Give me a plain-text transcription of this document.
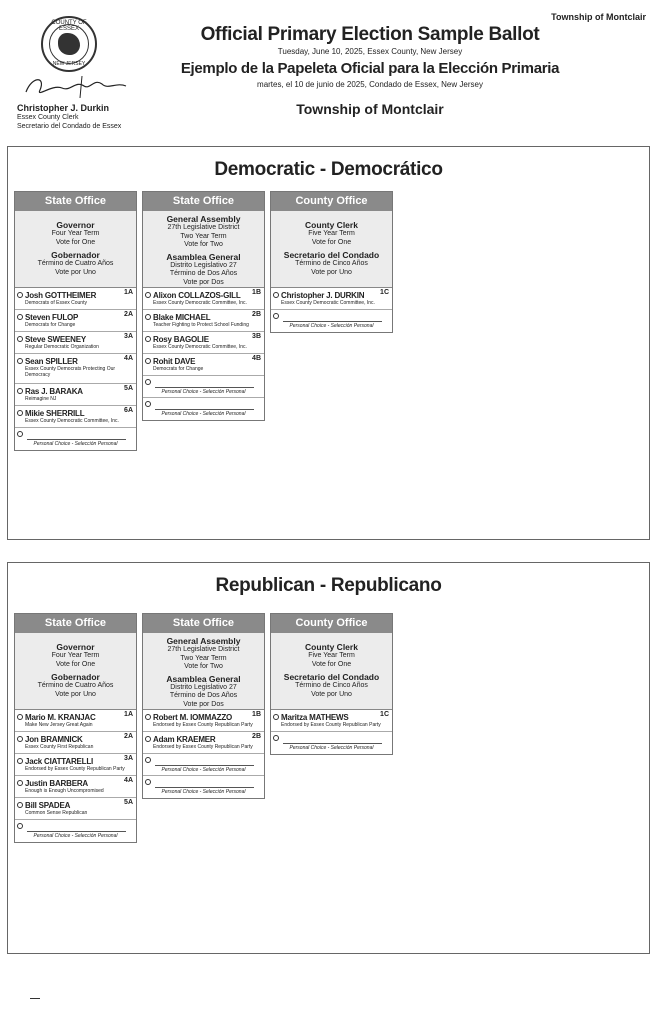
Township of Montclair
COUNTY OF ESSEX
NEW JERSEY
Christopher J. Durkin
Essex County Clerk
Secretario del Condado de Essex
Official Primary Election Sample Ballot
Tuesday, June 10, 2025, Essex County, New Jersey
Ejemplo de la Papeleta Oficial para la Elección Primaria
martes, el 10 de junio de 2025, Condado de Essex, New Jersey
Township of Montclair
Democratic - Democrático
State Office
Governor
Four Year Term
Vote for One
Gobernador
Término de Cuatro Años
Vote por Uno
Josh GOTTHEIMER
Democrats of Essex County
1A
Steven FULOP
Democrats for Change
2A
Steve SWEENEY
Regular Democratic Organization
3A
Sean SPILLER
Essex County Democrats Protecting Our Democracy
4A
Ras J. BARAKA
Reimagine NJ
5A
Mikie SHERRILL
Essex County Democratic Committee, Inc.
6A
Personal Choice - Selección Personal
State Office
General Assembly
27th Legislative District
Two Year Term
Vote for Two
Asamblea General
Distrito Legislativo 27
Término de Dos Años
Vote por Dos
Alixon COLLAZOS-GILL
Essex County Democratic Committee, Inc.
1B
Blake MICHAEL
Teacher Fighting to Protect School Funding
2B
Rosy BAGOLIE
Essex County Democratic Committee, Inc.
3B
Rohit DAVE
Democrats for Change
4B
Personal Choice - Selección Personal
Personal Choice - Selección Personal
County Office
County Clerk
Five Year Term
Vote for One
Secretario del Condado
Término de Cinco Años
Vote por Uno
Christopher J. DURKIN
Essex County Democratic Committee, Inc.
1C
Personal Choice - Selección Personal
Republican - Republicano
State Office
Governor
Four Year Term
Vote for One
Gobernador
Término de Cuatro Años
Vote por Uno
Mario M. KRANJAC
Make New Jersey Great Again
1A
Jon BRAMNICK
Essex County First Republican
2A
Jack CIATTARELLI
Endorsed by Essex County Republican Party
3A
Justin BARBERA
Enough is Enough Uncompromised
4A
Bill SPADEA
Common Sense Republican
5A
Personal Choice - Selección Personal
State Office
General Assembly
27th Legislative District
Two Year Term
Vote for Two
Asamblea General
Distrito Legislativo 27
Término de Dos Años
Vote por Dos
Robert M. IOMMAZZO
Endorsed by Essex County Republican Party
1B
Adam KRAEMER
Endorsed by Essex County Republican Party
2B
Personal Choice - Selección Personal
Personal Choice - Selección Personal
County Office
County Clerk
Five Year Term
Vote for One
Secretario del Condado
Término de Cinco Años
Vote por Uno
Maritza MATHEWS
Endorsed by Essex County Republican Party
1C
Personal Choice - Selección Personal
